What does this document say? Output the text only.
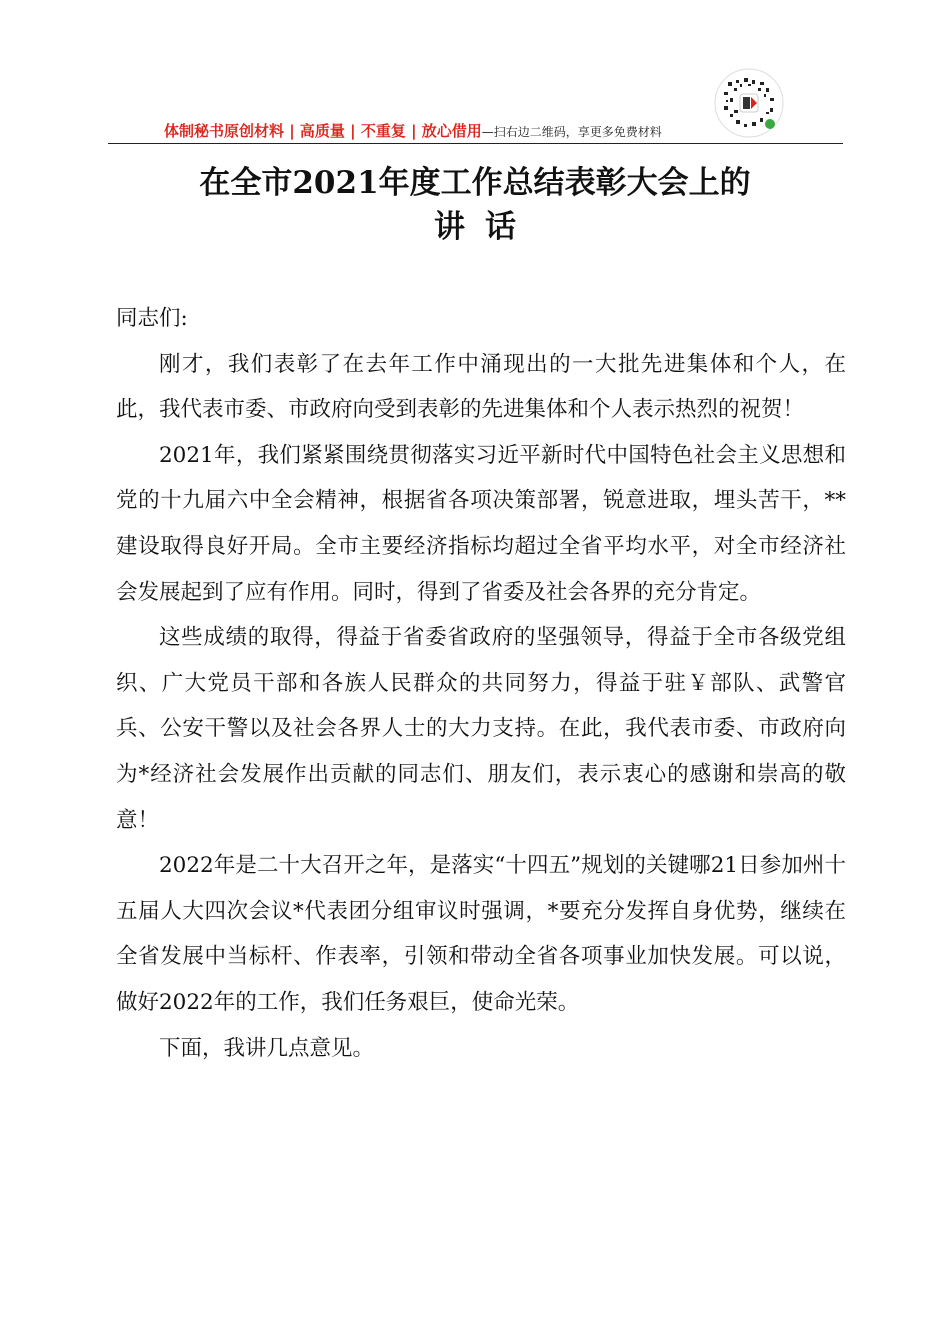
体制秘书原创材料 | 高质量 | 不重复 | 放心借用—扫右边二维码，享更多免费材料
在全市2021年度工作总结表彰大会上的
讲话

同志们:

刚才，我们表彰了在去年工作中涌现出的一大批先进集体和个人，在此，我代表市委、市政府向受到表彰的先进集体和个人表示热烈的祝贺！

2021年，我们紧紧围绕贯彻落实习近平新时代中国特色社会主义思想和党的十九届六中全会精神，根据省各项决策部署，锐意进取，埋头苦干，**建设取得良好开局。全市主要经济指标均超过全省平均水平，对全市经济社会发展起到了应有作用。同时，得到了省委及社会各界的充分肯定。

这些成绩的取得，得益于省委省政府的坚强领导，得益于全市各级党组织、广大党员干部和各族人民群众的共同努力，得益于驻￥部队、武警官兵、公安干警以及社会各界人士的大力支持。在此，我代表市委、市政府向为*经济社会发展作出贡献的同志们、朋友们，表示衷心的感谢和崇高的敬意！

2022年是二十大召开之年，是落实“十四五”规划的关键哪21日参加州十五届人大四次会议*代表团分组审议时强调，*要充分发挥自身优势，继续在全省发展中当标杆、作表率，引领和带动全省各项事业加快发展。可以说，做好2022年的工作，我们任务艰巨，使命光荣。

下面，我讲几点意见。
